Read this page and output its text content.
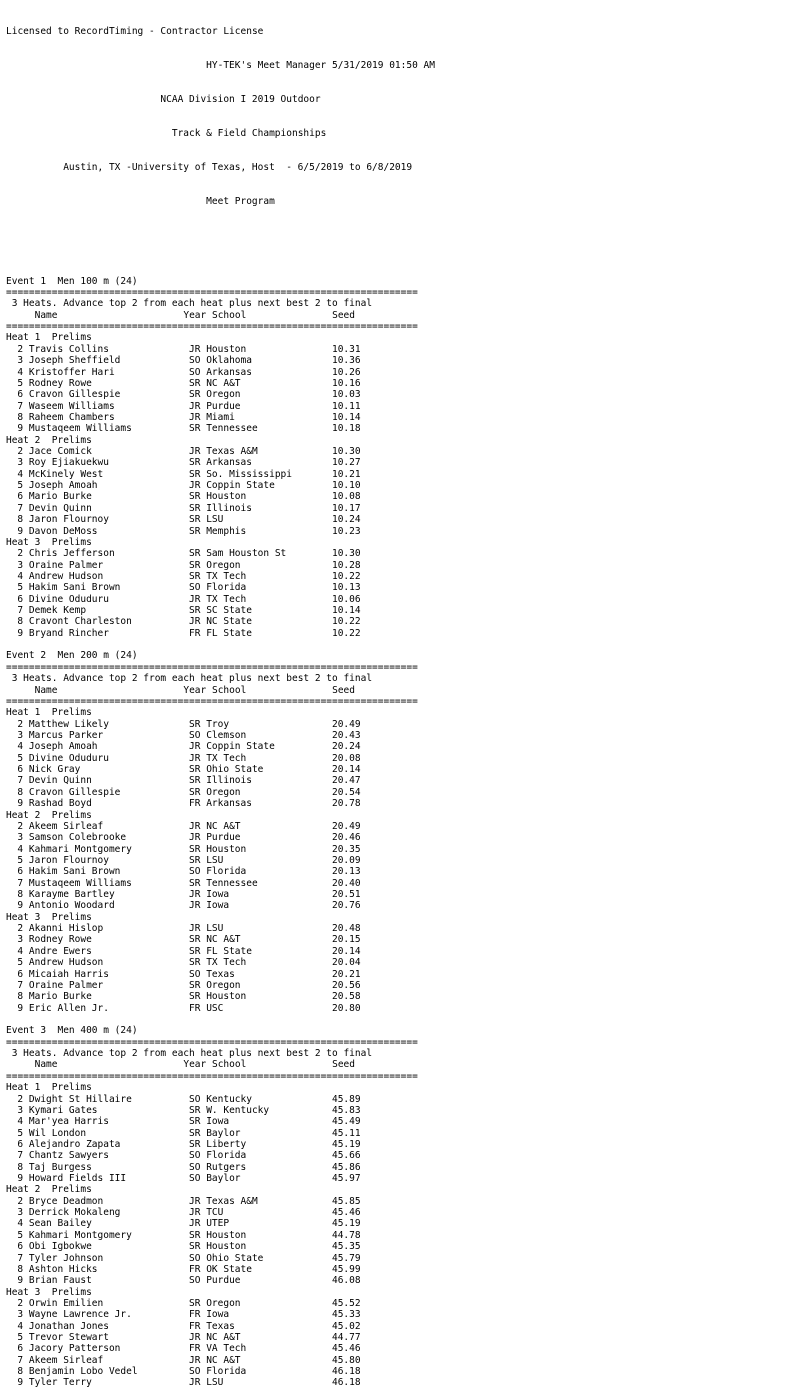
Licensed to RecordTiming - Contractor License

HY-TEK's Meet Manager 5/31/2019 01:50 AM

NCAA Division I 2019 Outdoor

Track & Field Championships

Austin, TX -University of Texas, Host  - 6/5/2019 to 6/8/2019

Meet Program

Event 1  Men 100 m (24)
========================================================================
3 Heats. Advance top 2 from each heat plus next best 2 to final
Name	Year School	Seed
========================================================================
Heat 1  Prelims
2 Travis Collins	JR Houston	10.31
3 Joseph Sheffield	SO Oklahoma	10.36
4 Kristoffer Hari	SO Arkansas	10.26
5 Rodney Rowe	SR NC A&T	10.16
6 Cravon Gillespie	SR Oregon	10.03
7 Waseem Williams	JR Purdue	10.11
8 Raheem Chambers	JR Miami	10.14
9 Mustaqeem Williams	SR Tennessee	10.18
Heat 2  Prelims
2 Jace Comick	JR Texas A&M	10.30
3 Roy Ejiakuekwu	SR Arkansas	10.27
4 McKinely West	SR So. Mississippi	10.21
5 Joseph Amoah	JR Coppin State	10.10
6 Mario Burke	SR Houston	10.08
7 Devin Quinn	SR Illinois	10.17
8 Jaron Flournoy	SR LSU	10.24
9 Davon DeMoss	SR Memphis	10.23
Heat 3  Prelims
2 Chris Jefferson	SR Sam Houston St	10.30
3 Oraine Palmer	SR Oregon	10.28
4 Andrew Hudson	SR TX Tech	10.22
5 Hakim Sani Brown	SO Florida	10.13
6 Divine Oduduru	JR TX Tech	10.06
7 Demek Kemp	SR SC State	10.14
8 Cravont Charleston	JR NC State	10.22
9 Bryand Rincher	FR FL State	10.22
Event 2  Men 200 m (24)
========================================================================
3 Heats. Advance top 2 from each heat plus next best 2 to final
Name	Year School	Seed
========================================================================
Heat 1  Prelims
2 Matthew Likely	SR Troy	20.49
3 Marcus Parker	SO Clemson	20.43
4 Joseph Amoah	JR Coppin State	20.24
5 Divine Oduduru	JR TX Tech	20.08
6 Nick Gray	SR Ohio State	20.14
7 Devin Quinn	SR Illinois	20.47
8 Cravon Gillespie	SR Oregon	20.54
9 Rashad Boyd	FR Arkansas	20.78
Heat 2  Prelims
2 Akeem Sirleaf	JR NC A&T	20.49
3 Samson Colebrooke	JR Purdue	20.46
4 Kahmari Montgomery	SR Houston	20.35
5 Jaron Flournoy	SR LSU	20.09
6 Hakim Sani Brown	SO Florida	20.13
7 Mustaqeem Williams	SR Tennessee	20.40
8 Karayme Bartley	JR Iowa	20.51
9 Antonio Woodard	JR Iowa	20.76
Heat 3  Prelims
2 Akanni Hislop	JR LSU	20.48
3 Rodney Rowe	SR NC A&T	20.15
4 Andre Ewers	SR FL State	20.14
5 Andrew Hudson	SR TX Tech	20.04
6 Micaiah Harris	SO Texas	20.21
7 Oraine Palmer	SR Oregon	20.56
8 Mario Burke	SR Houston	20.58
9 Eric Allen Jr.	FR USC	20.80
Event 3  Men 400 m (24)
========================================================================
3 Heats. Advance top 2 from each heat plus next best 2 to final
Name	Year School	Seed
========================================================================
Heat 1  Prelims
2 Dwight St Hillaire	SO Kentucky	45.89
3 Kymari Gates	SR W. Kentucky	45.83
4 Mar'yea Harris	SR Iowa	45.49
5 Wil London	SR Baylor	45.11
6 Alejandro Zapata	SR Liberty	45.19
7 Chantz Sawyers	SO Florida	45.66
8 Taj Burgess	SO Rutgers	45.86
9 Howard Fields III	SO Baylor	45.97
Heat 2  Prelims
2 Bryce Deadmon	JR Texas A&M	45.85
3 Derrick Mokaleng	JR TCU	45.46
4 Sean Bailey	JR UTEP	45.19
5 Kahmari Montgomery	SR Houston	44.78
6 Obi Igbokwe	SR Houston	45.35
7 Tyler Johnson	SO Ohio State	45.79
8 Ashton Hicks	FR OK State	45.99
9 Brian Faust	SO Purdue	46.08
Heat 3  Prelims
2 Orwin Emilien	SR Oregon	45.52
3 Wayne Lawrence Jr.	FR Iowa	45.33
4 Jonathan Jones	FR Texas	45.02
5 Trevor Stewart	JR NC A&T	44.77
6 Jacory Patterson	FR VA Tech	45.46
7 Akeem Sirleaf	JR NC A&T	45.80
8 Benjamin Lobo Vedel	SO Florida	46.18
9 Tyler Terry	JR LSU	46.18
